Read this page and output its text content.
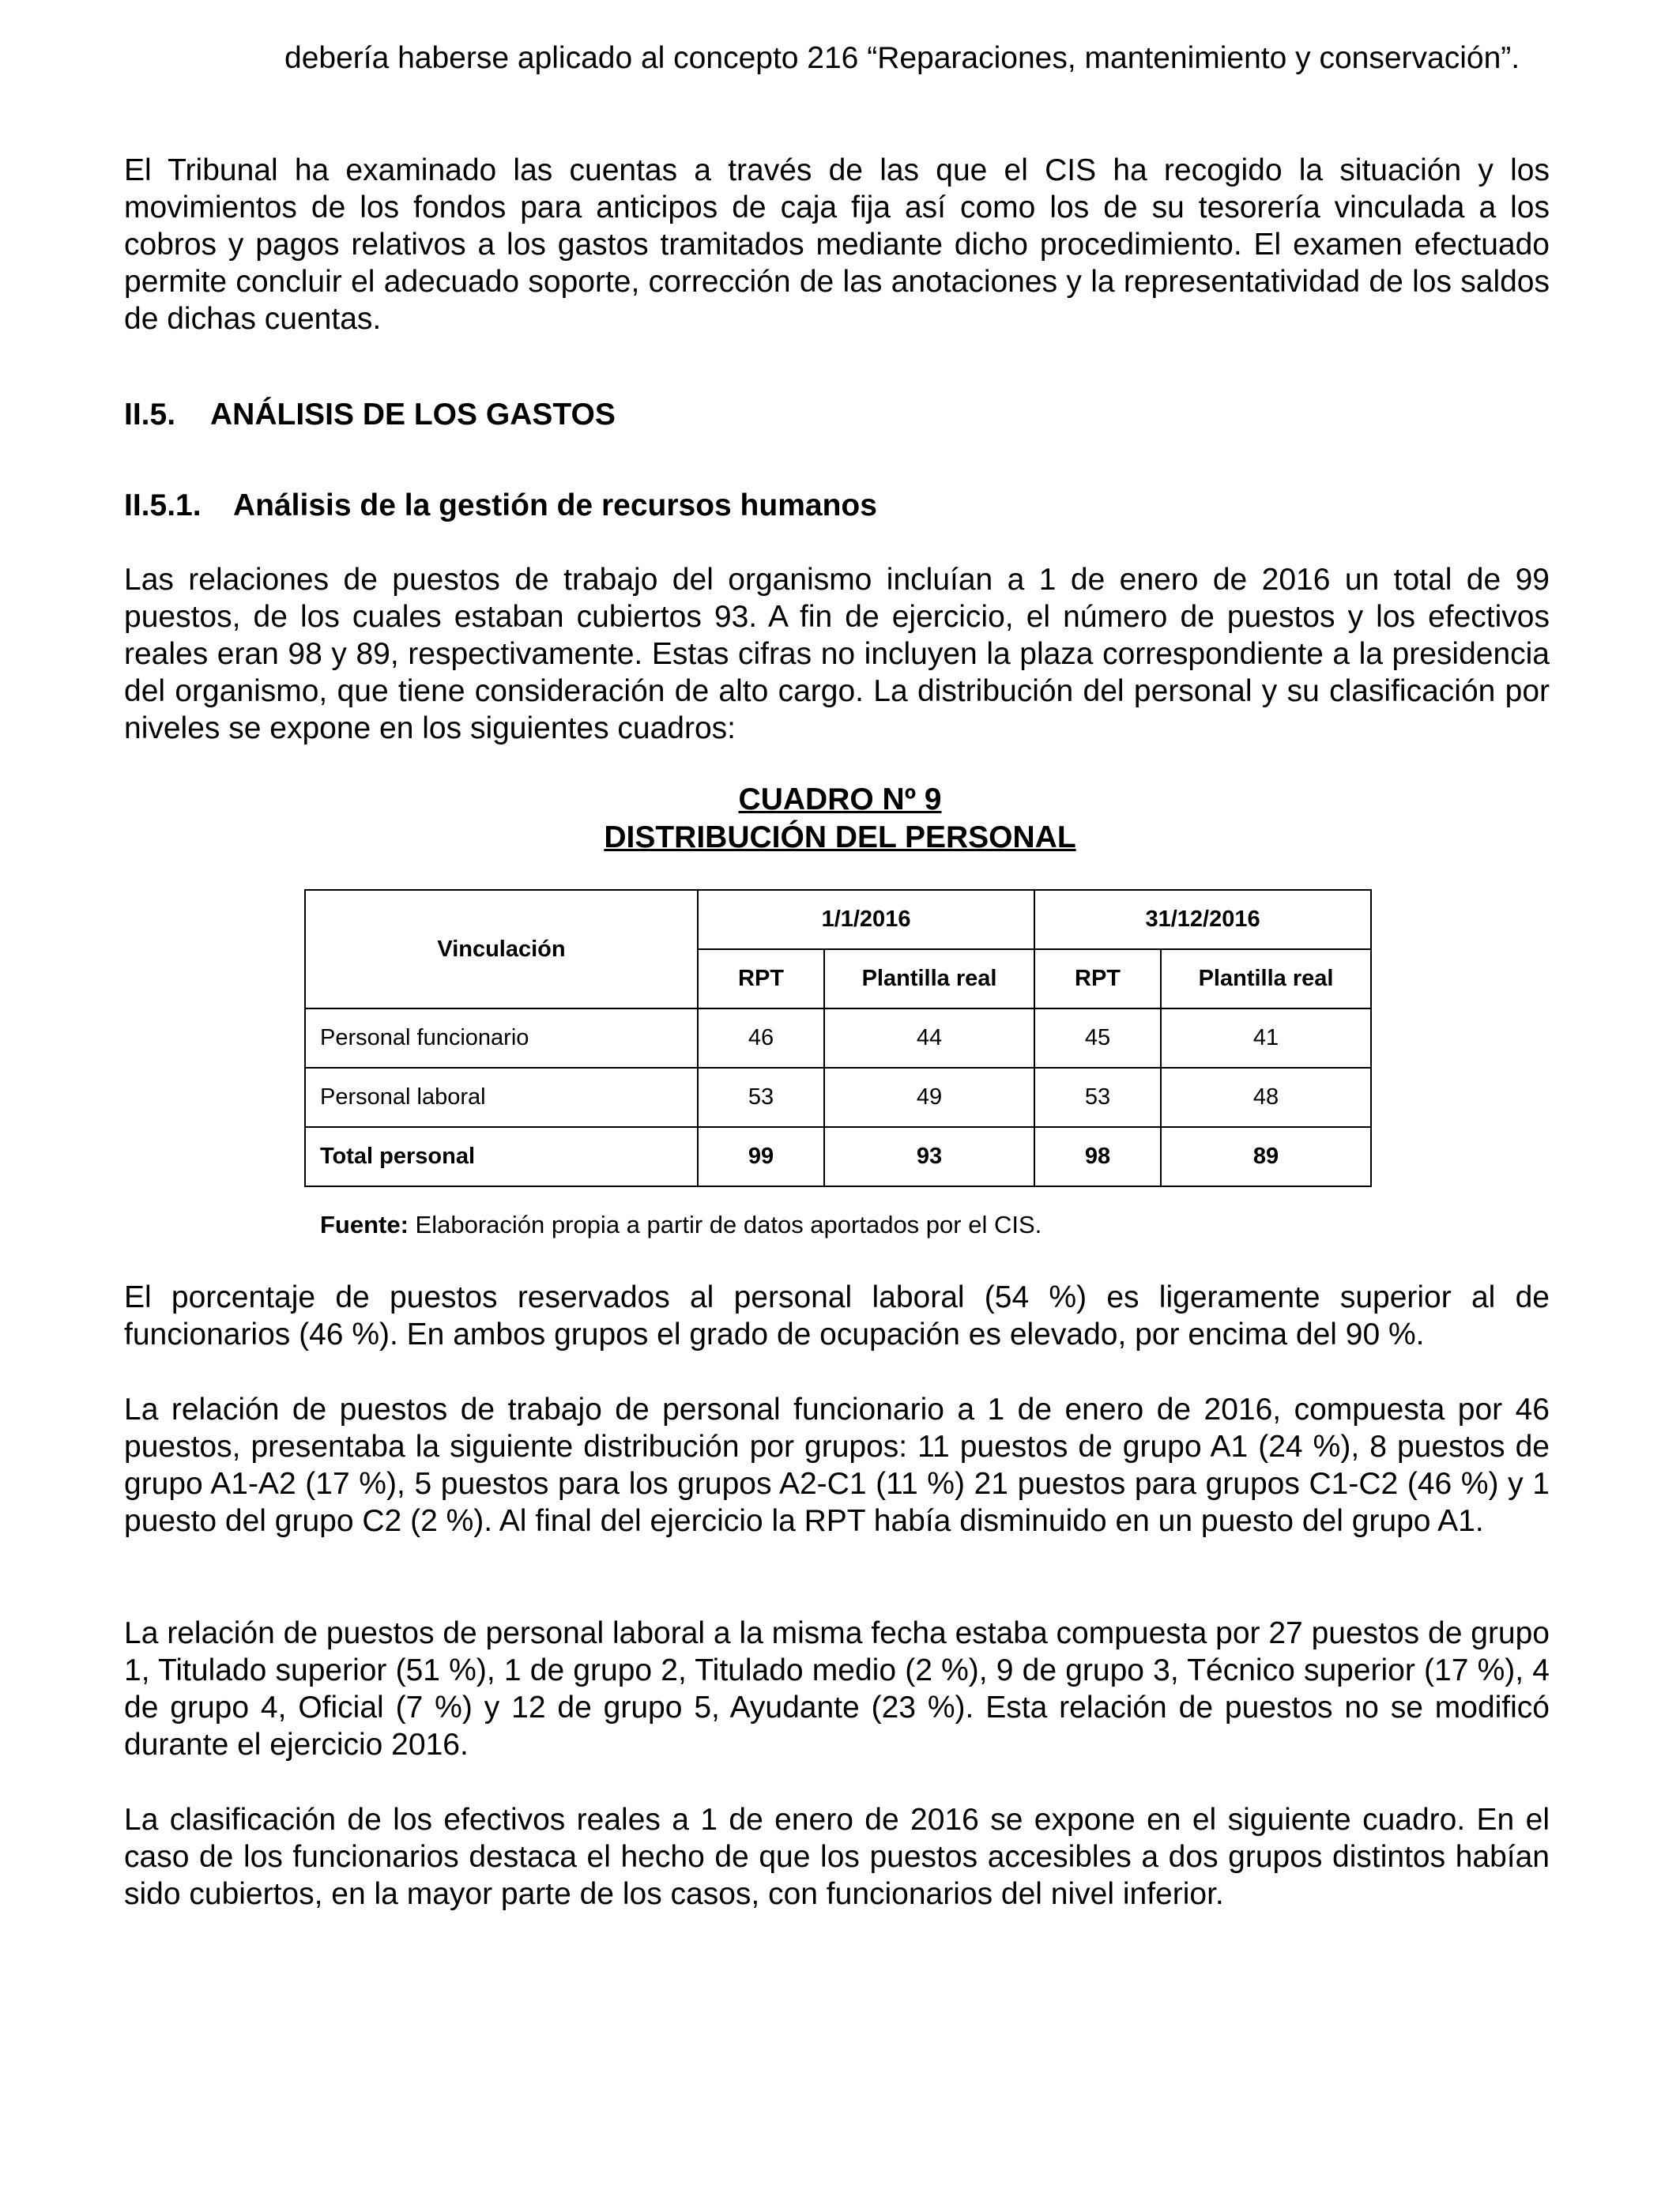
debería haberse aplicado al concepto 216 “Reparaciones, mantenimiento y conservación”.

El Tribunal ha examinado las cuentas a través de las que el CIS ha recogido la situación y los movimientos de los fondos para anticipos de caja fija así como los de su tesorería vinculada a los cobros y pagos relativos a los gastos tramitados mediante dicho procedimiento. El examen efectuado permite concluir el adecuado soporte, corrección de las anotaciones y la representatividad de los saldos de dichas cuentas.

II.5. ANÁLISIS DE LOS GASTOS
II.5.1. Análisis de la gestión de recursos humanos

Las relaciones de puestos de trabajo del organismo incluían a 1 de enero de 2016 un total de 99 puestos, de los cuales estaban cubiertos 93. A fin de ejercicio, el número de puestos y los efectivos reales eran 98 y 89, respectivamente. Estas cifras no incluyen la plaza correspondiente a la presidencia del organismo, que tiene consideración de alto cargo. La distribución del personal y su clasificación por niveles se expone en los siguientes cuadros:

CUADRO Nº 9
DISTRIBUCIÓN DEL PERSONAL
Vinculación	1/1/2016		31/12/2016	
	RPT	Plantilla real	RPT	Plantilla real
Personal funcionario	46	44	45	41
Personal laboral	53	49	53	48
Total personal	99	93	98	89
Fuente: Elaboración propia a partir de datos aportados por el CIS.

El porcentaje de puestos reservados al personal laboral (54 %) es ligeramente superior al de funcionarios (46 %). En ambos grupos el grado de ocupación es elevado, por encima del 90 %.

La relación de puestos de trabajo de personal funcionario a 1 de enero de 2016, compuesta por 46 puestos, presentaba la siguiente distribución por grupos: 11 puestos de grupo A1 (24 %), 8 puestos de grupo A1-A2 (17 %), 5 puestos para los grupos A2-C1 (11 %) 21 puestos para grupos C1-C2 (46 %) y 1 puesto del grupo C2 (2 %). Al final del ejercicio la RPT había disminuido en un puesto del grupo A1.

La relación de puestos de personal laboral a la misma fecha estaba compuesta por 27 puestos de grupo 1, Titulado superior (51 %), 1 de grupo 2, Titulado medio (2 %), 9 de grupo 3, Técnico superior (17 %), 4 de grupo 4, Oficial (7 %) y 12 de grupo 5, Ayudante (23 %). Esta relación de puestos no se modificó durante el ejercicio 2016.

La clasificación de los efectivos reales a 1 de enero de 2016 se expone en el siguiente cuadro. En el caso de los funcionarios destaca el hecho de que los puestos accesibles a dos grupos distintos habían sido cubiertos, en la mayor parte de los casos, con funcionarios del nivel inferior.
